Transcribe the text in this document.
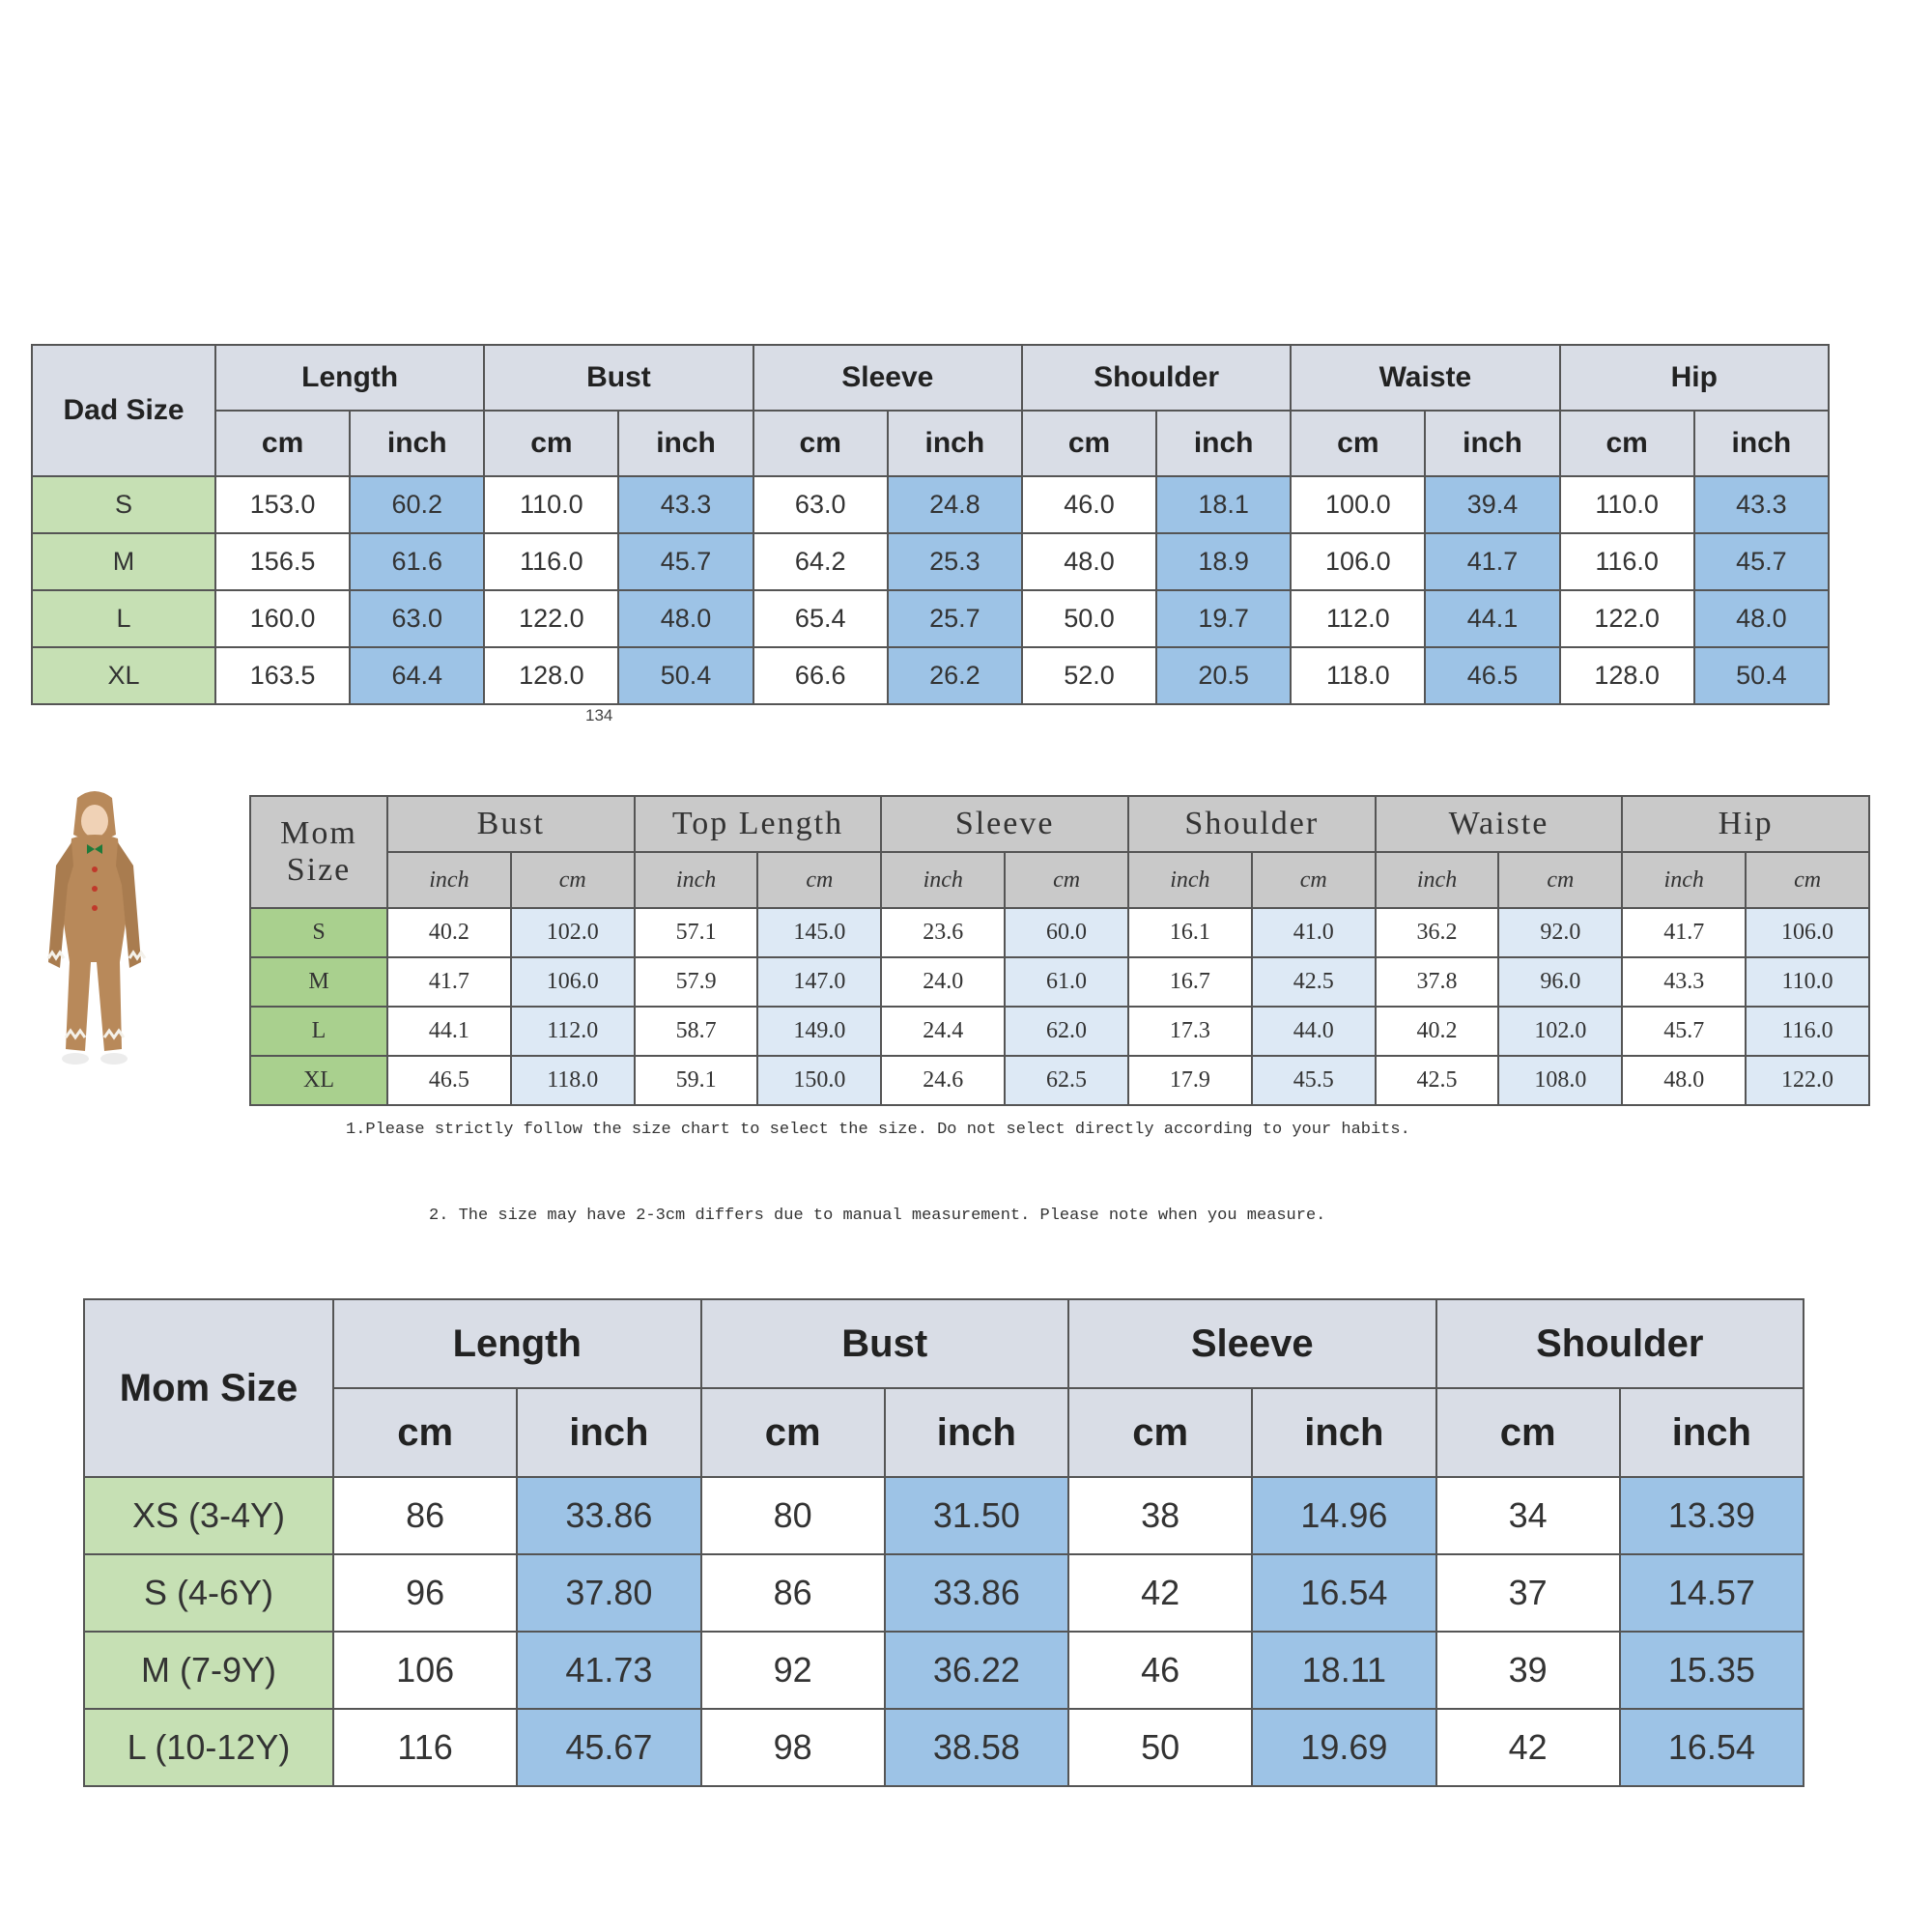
Dad Size	Length		Bust		Sleeve		Shoulder		Waiste		Hip	
	cm	inch	cm	inch	cm	inch	cm	inch	cm	inch	cm	inch
S	153.0	60.2	110.0	43.3	63.0	24.8	46.0	18.1	100.0	39.4	110.0	43.3
M	156.5	61.6	116.0	45.7	64.2	25.3	48.0	18.9	106.0	41.7	116.0	45.7
L	160.0	63.0	122.0	48.0	65.4	25.7	50.0	19.7	112.0	44.1	122.0	48.0
XL	163.5	64.4	128.0	50.4	66.6	26.2	52.0	20.5	118.0	46.5	128.0	50.4
134
Mom
Size	Bust		Top Length		Sleeve		Shoulder		Waiste		Hip	
	inch	cm	inch	cm	inch	cm	inch	cm	inch	cm	inch	cm
S	40.2	102.0	57.1	145.0	23.6	60.0	16.1	41.0	36.2	92.0	41.7	106.0
M	41.7	106.0	57.9	147.0	24.0	61.0	16.7	42.5	37.8	96.0	43.3	110.0
L	44.1	112.0	58.7	149.0	24.4	62.0	17.3	44.0	40.2	102.0	45.7	116.0
XL	46.5	118.0	59.1	150.0	24.6	62.5	17.9	45.5	42.5	108.0	48.0	122.0
1.Please strictly follow the size chart to select the size. Do not select directly according to your habits.
2. The size may have 2-3cm differs due to manual measurement. Please note when you measure.
Mom Size	Length		Bust		Sleeve		Shoulder	
	cm	inch	cm	inch	cm	inch	cm	inch
XS (3-4Y)	86	33.86	80	31.50	38	14.96	34	13.39
S (4-6Y)	96	37.80	86	33.86	42	16.54	37	14.57
M (7-9Y)	106	41.73	92	36.22	46	18.11	39	15.35
L (10-12Y)	116	45.67	98	38.58	50	19.69	42	16.54
